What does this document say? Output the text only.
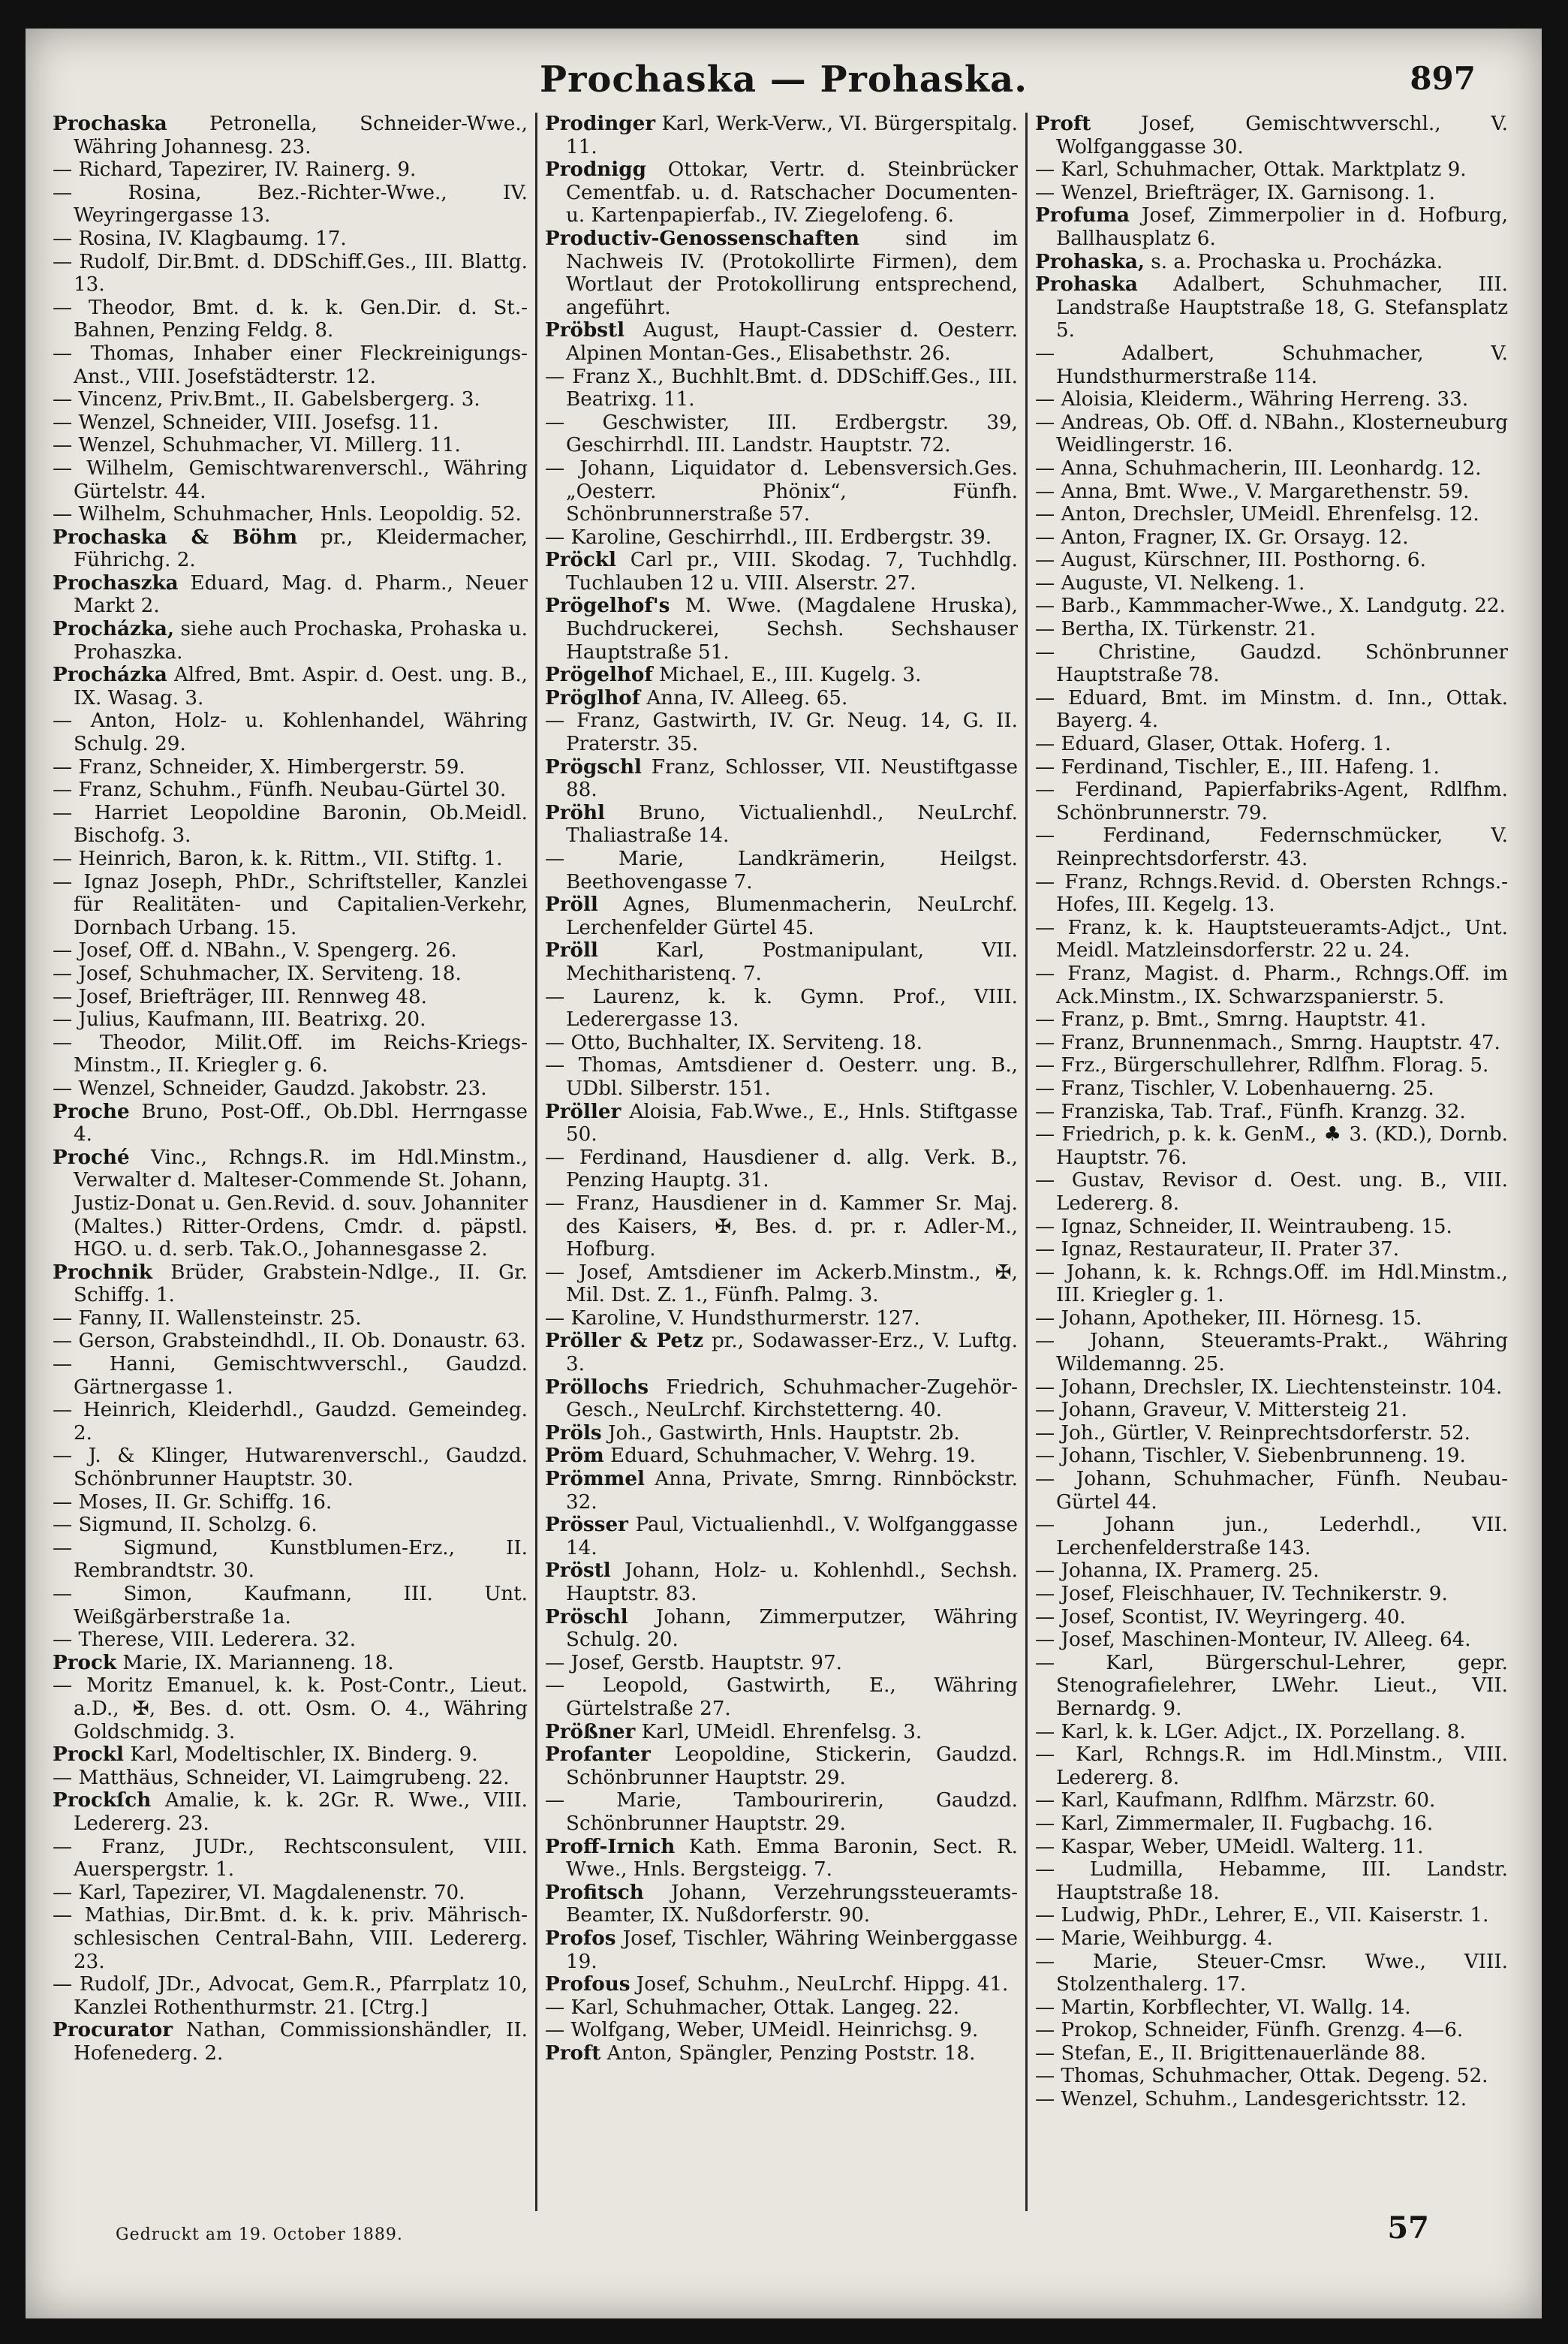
Prochaska — Prohaska.	897
Prochaska Petronella, Schneider-Wwe., Währing Johannesg. 23.
— Richard, Tapezirer, IV. Rainerg. 9.
— Rosina, Bez.-Richter-Wwe., IV. Weyringergasse 13.
— Rosina, IV. Klagbaumg. 17.
— Rudolf, Dir.Bmt. d. DDSchiff.Ges., III. Blattg. 13.
— Theodor, Bmt. d. k. k. Gen.Dir. d. St.-Bahnen, Penzing Feldg. 8.
— Thomas, Inhaber einer Fleckreinigungs-Anst., VIII. Josefstädterstr. 12.
— Vincenz, Priv.Bmt., II. Gabelsbergerg. 3.
— Wenzel, Schneider, VIII. Josefsg. 11.
— Wenzel, Schuhmacher, VI. Millerg. 11.
— Wilhelm, Gemischtwarenverschl., Währing Gürtelstr. 44.
— Wilhelm, Schuhmacher, Hnls. Leopoldig. 52.
Prochaska & Böhm pr., Kleidermacher, Führichg. 2.
Prochaszka Eduard, Mag. d. Pharm., Neuer Markt 2.
Procházka, siehe auch Prochaska, Prohaska u. Prohaszka.
Procházka Alfred, Bmt. Aspir. d. Oest. ung. B., IX. Wasag. 3.
— Anton, Holz- u. Kohlenhandel, Währing Schulg. 29.
— Franz, Schneider, X. Himbergerstr. 59.
— Franz, Schuhm., Fünfh. Neubau-Gürtel 30.
— Harriet Leopoldine Baronin, Ob.Meidl. Bischofg. 3.
— Heinrich, Baron, k. k. Rittm., VII. Stiftg. 1.
— Ignaz Joseph, PhDr., Schriftsteller, Kanzlei für Realitäten- und Capitalien-Verkehr, Dornbach Urbang. 15.
— Josef, Off. d. NBahn., V. Spengerg. 26.
— Josef, Schuhmacher, IX. Serviteng. 18.
— Josef, Briefträger, III. Rennweg 48.
— Julius, Kaufmann, III. Beatrixg. 20.
— Theodor, Milit.Off. im Reichs-Kriegs-Minstm., II. Kriegler g. 6.
— Wenzel, Schneider, Gaudzd. Jakobstr. 23.
Proche Bruno, Post-Off., Ob.Dbl. Herrngasse 4.
Proché Vinc., Rchngs.R. im Hdl.Minstm., Verwalter d. Malteser-Commende St. Johann, Justiz-Donat u. Gen.Revid. d. souv. Johanniter (Maltes.) Ritter-Ordens, Cmdr. d. päpstl. HGO. u. d. serb. Tak.O., Johannesgasse 2.
Prochnik Brüder, Grabstein-Ndlge., II. Gr. Schiffg. 1.
— Fanny, II. Wallensteinstr. 25.
— Gerson, Grabsteindhdl., II. Ob. Donaustr. 63.
— Hanni, Gemischtwverschl., Gaudzd. Gärtnergasse 1.
— Heinrich, Kleiderhdl., Gaudzd. Gemeindeg. 2.
— J. & Klinger, Hutwarenverschl., Gaudzd. Schönbrunner Hauptstr. 30.
— Moses, II. Gr. Schiffg. 16.
— Sigmund, II. Scholzg. 6.
— Sigmund, Kunstblumen-Erz., II. Rembrandtstr. 30.
— Simon, Kaufmann, III. Unt. Weißgärberstraße 1a.
— Therese, VIII. Lederera. 32.
Prock Marie, IX. Marianneng. 18.
— Moritz Emanuel, k. k. Post-Contr., Lieut. a.D., ✠, Bes. d. ott. Osm. O. 4., Währing Goldschmidg. 3.
Prockl Karl, Modeltischler, IX. Binderg. 9.
— Matthäus, Schneider, VI. Laimgrubeng. 22.
Prockſch Amalie, k. k. 2Gr. R. Wwe., VIII. Ledererg. 23.
— Franz, JUDr., Rechtsconsulent, VIII. Auerspergstr. 1.
— Karl, Tapezirer, VI. Magdalenenstr. 70.
— Mathias, Dir.Bmt. d. k. k. priv. Mährisch-schlesischen Central-Bahn, VIII. Ledererg. 23.
— Rudolf, JDr., Advocat, Gem.R., Pfarrplatz 10, Kanzlei Rothenthurmstr. 21. [Ctrg.]
Procurator Nathan, Commissionshändler, II. Hofenederg. 2.
Prodinger Karl, Werk-Verw., VI. Bürgerspitalg. 11.
Prodnigg Ottokar, Vertr. d. Steinbrücker Cementfab. u. d. Ratschacher Documenten- u. Kartenpapierfab., IV. Ziegelofeng. 6.
Productiv-Genossenschaften sind im Nachweis IV. (Protokollirte Firmen), dem Wortlaut der Protokollirung entsprechend, angeführt.
Pröbstl August, Haupt-Cassier d. Oesterr. Alpinen Montan-Ges., Elisabethstr. 26.
— Franz X., Buchhlt.Bmt. d. DDSchiff.Ges., III. Beatrixg. 11.
— Geschwister, III. Erdbergstr. 39, Geschirrhdl. III. Landstr. Hauptstr. 72.
— Johann, Liquidator d. Lebensversich.Ges. „Oesterr. Phönix“, Fünfh. Schönbrunnerstraße 57.
— Karoline, Geschirrhdl., III. Erdbergstr. 39.
Pröckl Carl pr., VIII. Skodag. 7, Tuchhdlg. Tuchlauben 12 u. VIII. Alserstr. 27.
Prögelhof's M. Wwe. (Magdalene Hruska), Buchdruckerei, Sechsh. Sechshauser Hauptstraße 51.
Prögelhof Michael, E., III. Kugelg. 3.
Pröglhof Anna, IV. Alleeg. 65.
— Franz, Gastwirth, IV. Gr. Neug. 14, G. II. Praterstr. 35.
Prögschl Franz, Schlosser, VII. Neustiftgasse 88.
Pröhl Bruno, Victualienhdl., NeuLrchf. Thaliastraße 14.
— Marie, Landkrämerin, Heilgst. Beethovengasse 7.
Pröll Agnes, Blumenmacherin, NeuLrchf. Lerchenfelder Gürtel 45.
Pröll Karl, Postmanipulant, VII. Mechitharistenq. 7.
— Laurenz, k. k. Gymn. Prof., VIII. Lederergasse 13.
— Otto, Buchhalter, IX. Serviteng. 18.
— Thomas, Amtsdiener d. Oesterr. ung. B., UDbl. Silberstr. 151.
Pröller Aloisia, Fab.Wwe., E., Hnls. Stiftgasse 50.
— Ferdinand, Hausdiener d. allg. Verk. B., Penzing Hauptg. 31.
— Franz, Hausdiener in d. Kammer Sr. Maj. des Kaisers, ✠, Bes. d. pr. r. Adler-M., Hofburg.
— Josef, Amtsdiener im Ackerb.Minstm., ✠, Mil. Dst. Z. 1., Fünfh. Palmg. 3.
— Karoline, V. Hundsthurmerstr. 127.
Pröller & Petz pr., Sodawasser-Erz., V. Luftg. 3.
Pröllochs Friedrich, Schuhmacher-Zugehör-Gesch., NeuLrchf. Kirchstetterng. 40.
Pröls Joh., Gastwirth, Hnls. Hauptstr. 2b.
Pröm Eduard, Schuhmacher, V. Wehrg. 19.
Prömmel Anna, Private, Smrng. Rinnböckstr. 32.
Prösser Paul, Victualienhdl., V. Wolfganggasse 14.
Pröstl Johann, Holz- u. Kohlenhdl., Sechsh. Hauptstr. 83.
Pröschl Johann, Zimmerputzer, Währing Schulg. 20.
— Josef, Gerstb. Hauptstr. 97.
— Leopold, Gastwirth, E., Währing Gürtelstraße 27.
Prößner Karl, UMeidl. Ehrenfelsg. 3.
Profanter Leopoldine, Stickerin, Gaudzd. Schönbrunner Hauptstr. 29.
— Marie, Tambourirerin, Gaudzd. Schönbrunner Hauptstr. 29.
Proff-Irnich Kath. Emma Baronin, Sect. R. Wwe., Hnls. Bergsteigg. 7.
Profitsch Johann, Verzehrungssteueramts-Beamter, IX. Nußdorferstr. 90.
Profos Josef, Tischler, Währing Weinberggasse 19.
Profous Josef, Schuhm., NeuLrchf. Hippg. 41.
— Karl, Schuhmacher, Ottak. Langeg. 22.
— Wolfgang, Weber, UMeidl. Heinrichsg. 9.
Proft Anton, Spängler, Penzing Poststr. 18.
Proft Josef, Gemischtwverschl., V. Wolfganggasse 30.
— Karl, Schuhmacher, Ottak. Marktplatz 9.
— Wenzel, Briefträger, IX. Garnisong. 1.
Profuma Josef, Zimmerpolier in d. Hofburg, Ballhausplatz 6.
Prohaska, s. a. Prochaska u. Procházka.
Prohaska Adalbert, Schuhmacher, III. Landstraße Hauptstraße 18, G. Stefansplatz 5.
— Adalbert, Schuhmacher, V. Hundsthurmerstraße 114.
— Aloisia, Kleiderm., Währing Herreng. 33.
— Andreas, Ob. Off. d. NBahn., Klosterneuburg Weidlingerstr. 16.
— Anna, Schuhmacherin, III. Leonhardg. 12.
— Anna, Bmt. Wwe., V. Margarethenstr. 59.
— Anton, Drechsler, UMeidl. Ehrenfelsg. 12.
— Anton, Fragner, IX. Gr. Orsayg. 12.
— August, Kürschner, III. Posthorng. 6.
— Auguste, VI. Nelkeng. 1.
— Barb., Kammmacher-Wwe., X. Landgutg. 22.
— Bertha, IX. Türkenstr. 21.
— Christine, Gaudzd. Schönbrunner Hauptstraße 78.
— Eduard, Bmt. im Minstm. d. Inn., Ottak. Bayerg. 4.
— Eduard, Glaser, Ottak. Hoferg. 1.
— Ferdinand, Tischler, E., III. Hafeng. 1.
— Ferdinand, Papierfabriks-Agent, Rdlfhm. Schönbrunnerstr. 79.
— Ferdinand, Federnschmücker, V. Reinprechtsdorferstr. 43.
— Franz, Rchngs.Revid. d. Obersten Rchngs.-Hofes, III. Kegelg. 13.
— Franz, k. k. Hauptsteueramts-Adjct., Unt. Meidl. Matzleinsdorferstr. 22 u. 24.
— Franz, Magist. d. Pharm., Rchngs.Off. im Ack.Minstm., IX. Schwarzspanierstr. 5.
— Franz, p. Bmt., Smrng. Hauptstr. 41.
— Franz, Brunnenmach., Smrng. Hauptstr. 47.
— Frz., Bürgerschullehrer, Rdlfhm. Florag. 5.
— Franz, Tischler, V. Lobenhauerng. 25.
— Franziska, Tab. Traf., Fünfh. Kranzg. 32.
— Friedrich, p. k. k. GenM., ♣ 3. (KD.), Dornb. Hauptstr. 76.
— Gustav, Revisor d. Oest. ung. B., VIII. Ledererg. 8.
— Ignaz, Schneider, II. Weintraubeng. 15.
— Ignaz, Restaurateur, II. Prater 37.
— Johann, k. k. Rchngs.Off. im Hdl.Minstm., III. Kriegler g. 1.
— Johann, Apotheker, III. Hörnesg. 15.
— Johann, Steueramts-Prakt., Währing Wildemanng. 25.
— Johann, Drechsler, IX. Liechtensteinstr. 104.
— Johann, Graveur, V. Mittersteig 21.
— Joh., Gürtler, V. Reinprechtsdorferstr. 52.
— Johann, Tischler, V. Siebenbrunneng. 19.
— Johann, Schuhmacher, Fünfh. Neubau-Gürtel 44.
— Johann jun., Lederhdl., VII. Lerchenfelderstraße 143.
— Johanna, IX. Pramerg. 25.
— Josef, Fleischhauer, IV. Technikerstr. 9.
— Josef, Scontist, IV. Weyringerg. 40.
— Josef, Maschinen-Monteur, IV. Alleeg. 64.
— Karl, Bürgerschul-Lehrer, gepr. Stenografielehrer, LWehr. Lieut., VII. Bernardg. 9.
— Karl, k. k. LGer. Adjct., IX. Porzellang. 8.
— Karl, Rchngs.R. im Hdl.Minstm., VIII. Ledererg. 8.
— Karl, Kaufmann, Rdlfhm. Märzstr. 60.
— Karl, Zimmermaler, II. Fugbachg. 16.
— Kaspar, Weber, UMeidl. Walterg. 11.
— Ludmilla, Hebamme, III. Landstr. Hauptstraße 18.
— Ludwig, PhDr., Lehrer, E., VII. Kaiserstr. 1.
— Marie, Weihburgg. 4.
— Marie, Steuer-Cmsr. Wwe., VIII. Stolzenthalerg. 17.
— Martin, Korbflechter, VI. Wallg. 14.
— Prokop, Schneider, Fünfh. Grenzg. 4—6.
— Stefan, E., II. Brigittenauerlände 88.
— Thomas, Schuhmacher, Ottak. Degeng. 52.
— Wenzel, Schuhm., Landesgerichtsstr. 12.
Gedruckt am 19. October 1889.	57
